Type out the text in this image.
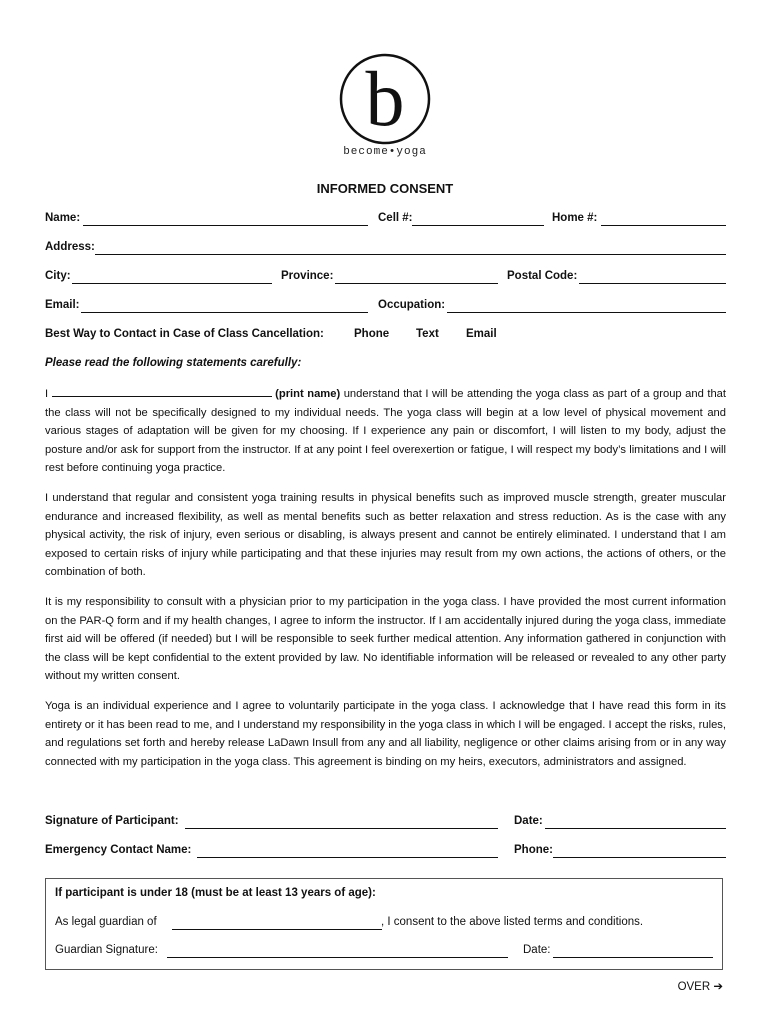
b
become•yoga
INFORMED CONSENT
Name:	Cell #:	Home #:
Address:
City:	Province:	Postal Code:
Email:	Occupation:
Best Way to Contact in Case of Class Cancellation:	Phone Text Email
Please read the following statements carefully:

I	(print name) understand that I will be attending the yoga class as part of a group and that the class will not be specifically designed to my individual needs. The yoga class will begin at a low level of physical movement and various stages of adaptation will be given for my choosing. If I experience any pain or discomfort, I will listen to my body, adjust the posture and/or ask for support from the instructor. If at any point I feel overexertion or fatigue, I will respect my body’s limitations and I will rest before continuing yoga practice.

I understand that regular and consistent yoga training results in physical benefits such as improved muscle strength, greater muscular endurance and increased flexibility, as well as mental benefits such as better relaxation and stress reduction. As is the case with any physical activity, the risk of injury, even serious or disabling, is always present and cannot be entirely eliminated. I understand that I am exposed to certain risks of injury while participating and that these injuries may result from my own actions, the actions of others, or the combination of both.

It is my responsibility to consult with a physician prior to my participation in the yoga class. I have provided the most current information on the PAR-Q form and if my health changes, I agree to inform the instructor. If I am accidentally injured during the yoga class, immediate first aid will be offered (if needed) but I will be responsible to seek further medical attention. Any information gathered in conjunction with the class will be kept confidential to the extent provided by law. No identifiable information will be released or revealed to any other party without my written consent.

Yoga is an individual experience and I agree to voluntarily participate in the yoga class. I acknowledge that I have read this form in its entirety or it has been read to me, and I understand my responsibility in the yoga class in which I will be engaged. I accept the risks, rules, and regulations set forth and hereby release LaDawn Insull from any and all liability, negligence or other claims arising from or in any way connected with my participation in the yoga class. This agreement is binding on my heirs, executors, administrators and assigned.

Signature of Participant:	Date:
Emergency Contact Name:	Phone:
If participant is under 18 (must be at least 13 years of age):
As legal guardian of	, I consent to the above listed terms and conditions.
Guardian Signature:	Date:
OVER ➔
